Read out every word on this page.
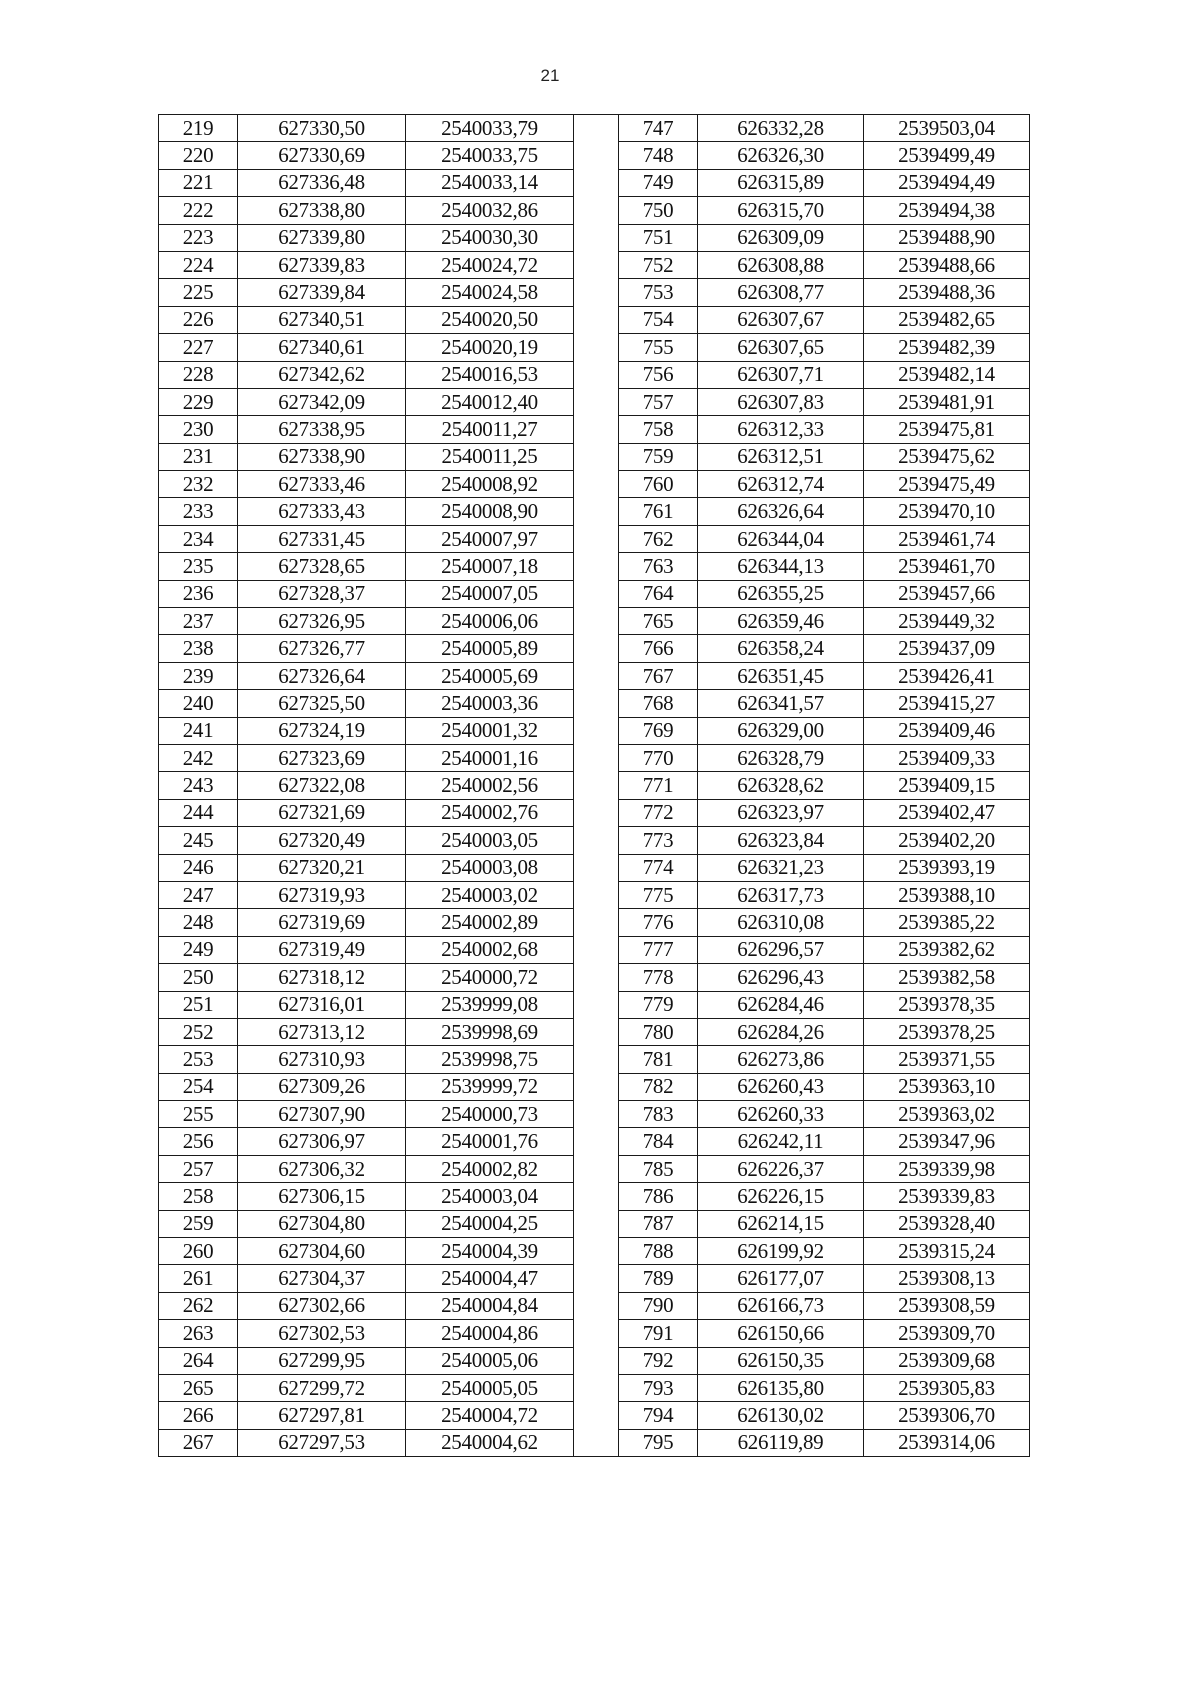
21
219	627330,50	2540033,79		747	626332,28	2539503,04
220	627330,69	2540033,75		748	626326,30	2539499,49
221	627336,48	2540033,14		749	626315,89	2539494,49
222	627338,80	2540032,86		750	626315,70	2539494,38
223	627339,80	2540030,30		751	626309,09	2539488,90
224	627339,83	2540024,72		752	626308,88	2539488,66
225	627339,84	2540024,58		753	626308,77	2539488,36
226	627340,51	2540020,50		754	626307,67	2539482,65
227	627340,61	2540020,19		755	626307,65	2539482,39
228	627342,62	2540016,53		756	626307,71	2539482,14
229	627342,09	2540012,40		757	626307,83	2539481,91
230	627338,95	2540011,27		758	626312,33	2539475,81
231	627338,90	2540011,25		759	626312,51	2539475,62
232	627333,46	2540008,92		760	626312,74	2539475,49
233	627333,43	2540008,90		761	626326,64	2539470,10
234	627331,45	2540007,97		762	626344,04	2539461,74
235	627328,65	2540007,18		763	626344,13	2539461,70
236	627328,37	2540007,05		764	626355,25	2539457,66
237	627326,95	2540006,06		765	626359,46	2539449,32
238	627326,77	2540005,89		766	626358,24	2539437,09
239	627326,64	2540005,69		767	626351,45	2539426,41
240	627325,50	2540003,36		768	626341,57	2539415,27
241	627324,19	2540001,32		769	626329,00	2539409,46
242	627323,69	2540001,16		770	626328,79	2539409,33
243	627322,08	2540002,56		771	626328,62	2539409,15
244	627321,69	2540002,76		772	626323,97	2539402,47
245	627320,49	2540003,05		773	626323,84	2539402,20
246	627320,21	2540003,08		774	626321,23	2539393,19
247	627319,93	2540003,02		775	626317,73	2539388,10
248	627319,69	2540002,89		776	626310,08	2539385,22
249	627319,49	2540002,68		777	626296,57	2539382,62
250	627318,12	2540000,72		778	626296,43	2539382,58
251	627316,01	2539999,08		779	626284,46	2539378,35
252	627313,12	2539998,69		780	626284,26	2539378,25
253	627310,93	2539998,75		781	626273,86	2539371,55
254	627309,26	2539999,72		782	626260,43	2539363,10
255	627307,90	2540000,73		783	626260,33	2539363,02
256	627306,97	2540001,76		784	626242,11	2539347,96
257	627306,32	2540002,82		785	626226,37	2539339,98
258	627306,15	2540003,04		786	626226,15	2539339,83
259	627304,80	2540004,25		787	626214,15	2539328,40
260	627304,60	2540004,39		788	626199,92	2539315,24
261	627304,37	2540004,47		789	626177,07	2539308,13
262	627302,66	2540004,84		790	626166,73	2539308,59
263	627302,53	2540004,86		791	626150,66	2539309,70
264	627299,95	2540005,06		792	626150,35	2539309,68
265	627299,72	2540005,05		793	626135,80	2539305,83
266	627297,81	2540004,72		794	626130,02	2539306,70
267	627297,53	2540004,62		795	626119,89	2539314,06
